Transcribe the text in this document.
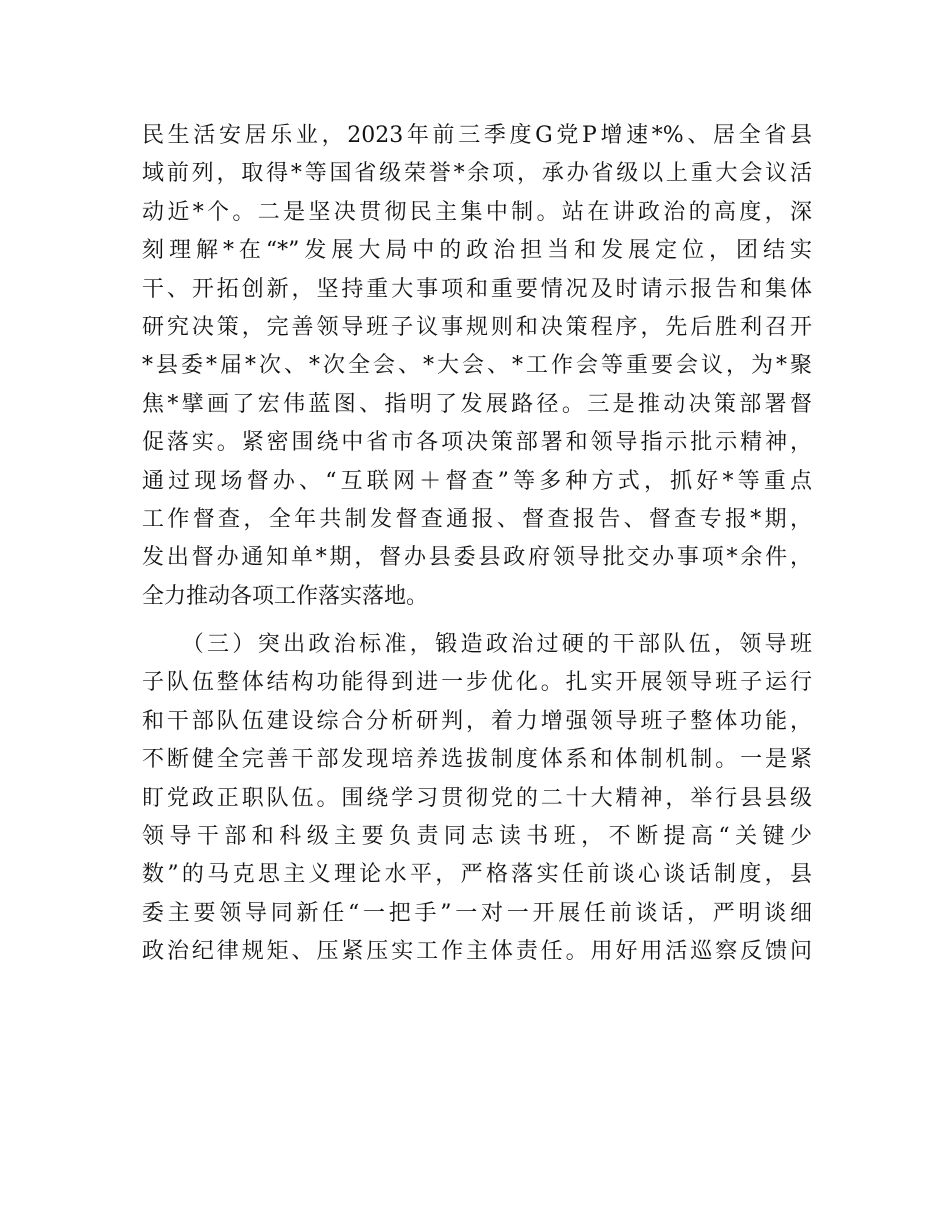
民生活安居乐业，2023年前三季度G党P增速*%、居全省县
域前列，取得*等国省级荣誉*余项，承办省级以上重大会议活
动近*个。二是坚决贯彻民主集中制。站在讲政治的高度，深
刻理解*在“*”发展大局中的政治担当和发展定位，团结实
干、开拓创新，坚持重大事项和重要情况及时请示报告和集体
研究决策，完善领导班子议事规则和决策程序，先后胜利召开
*县委*届*次、*次全会、*大会、*工作会等重要会议，为*聚
焦*擘画了宏伟蓝图、指明了发展路径。三是推动决策部署督
促落实。紧密围绕中省市各项决策部署和领导指示批示精神，
通过现场督办、“互联网＋督查”等多种方式，抓好*等重点
工作督查，全年共制发督查通报、督查报告、督查专报*期，
发出督办通知单*期，督办县委县政府领导批交办事项*余件，
全力推动各项工作落实落地。
　　（三）突出政治标准，锻造政治过硬的干部队伍，领导班
子队伍整体结构功能得到进一步优化。扎实开展领导班子运行
和干部队伍建设综合分析研判，着力增强领导班子整体功能，
不断健全完善干部发现培养选拔制度体系和体制机制。一是紧
盯党政正职队伍。围绕学习贯彻党的二十大精神，举行县县级
领导干部和科级主要负责同志读书班，不断提高“关键少
数”的马克思主义理论水平，严格落实任前谈心谈话制度，县
委主要领导同新任“一把手”一对一开展任前谈话，严明谈细
政治纪律规矩、压紧压实工作主体责任。用好用活巡察反馈问
